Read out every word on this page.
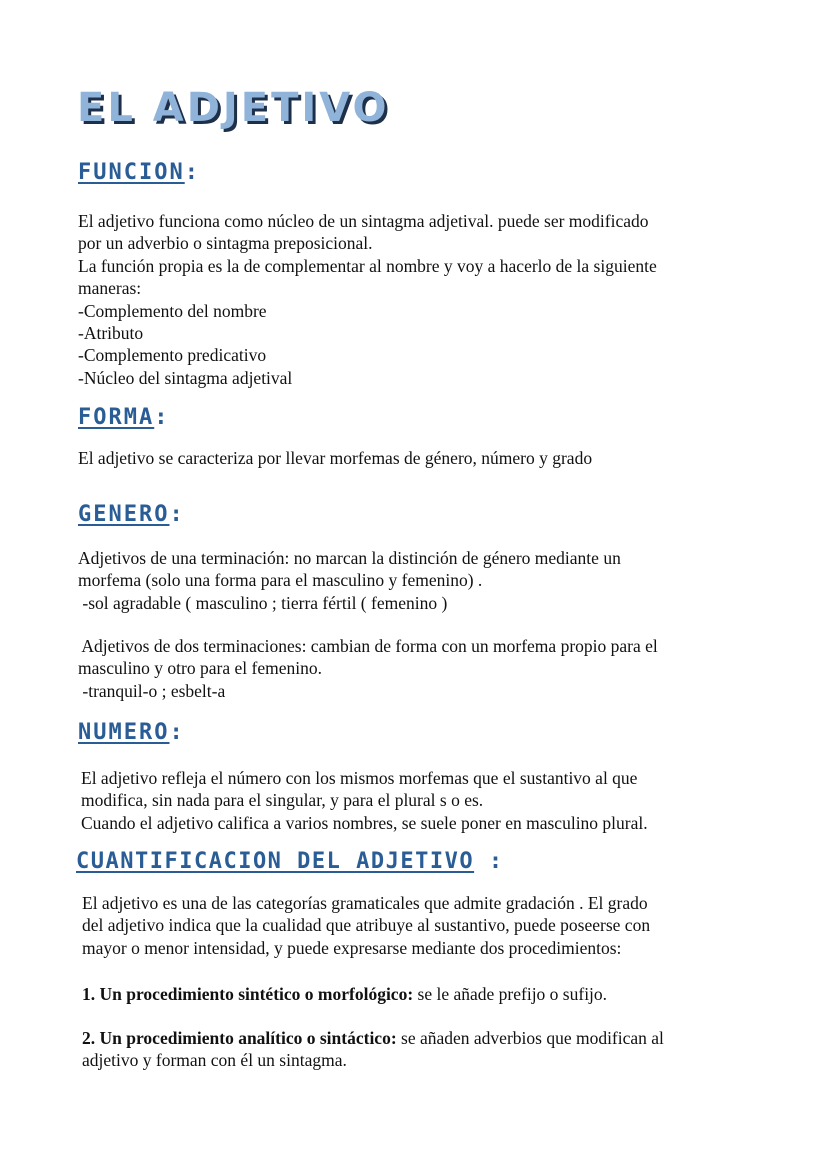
EL ADJETIVO
FUNCION:
El adjetivo funciona como núcleo de un sintagma adjetival. puede ser modificado
por un adverbio o sintagma preposicional.
La función propia es la de complementar al nombre y voy a hacerlo de la siguiente
maneras:
-Complemento del nombre
-Atributo
-Complemento predicativo
-Núcleo del sintagma adjetival
FORMA:
El adjetivo se caracteriza por llevar morfemas de género, número y grado
GENERO:
Adjetivos de una terminación: no marcan la distinción de género mediante un
morfema (solo una forma para el masculino y femenino) .
-sol agradable ( masculino ; tierra fértil ( femenino )
Adjetivos de dos terminaciones: cambian de forma con un morfema propio para el
masculino y otro para el femenino.
-tranquil-o ; esbelt-a
NUMERO:
El adjetivo refleja el número con los mismos morfemas que el sustantivo al que
modifica, sin nada para el singular, y para el plural s o es.
Cuando el adjetivo califica a varios nombres, se suele poner en masculino plural.
CUANTIFICACION DEL ADJETIVO :
El adjetivo es una de las categorías gramaticales que admite gradación . El grado
del adjetivo indica que la cualidad que atribuye al sustantivo, puede poseerse con
mayor o menor intensidad, y puede expresarse mediante dos procedimientos:
1. Un procedimiento sintético o morfológico: se le añade prefijo o sufijo.
2. Un procedimiento analítico o sintáctico: se añaden adverbios que modifican al
adjetivo y forman con él un sintagma.
